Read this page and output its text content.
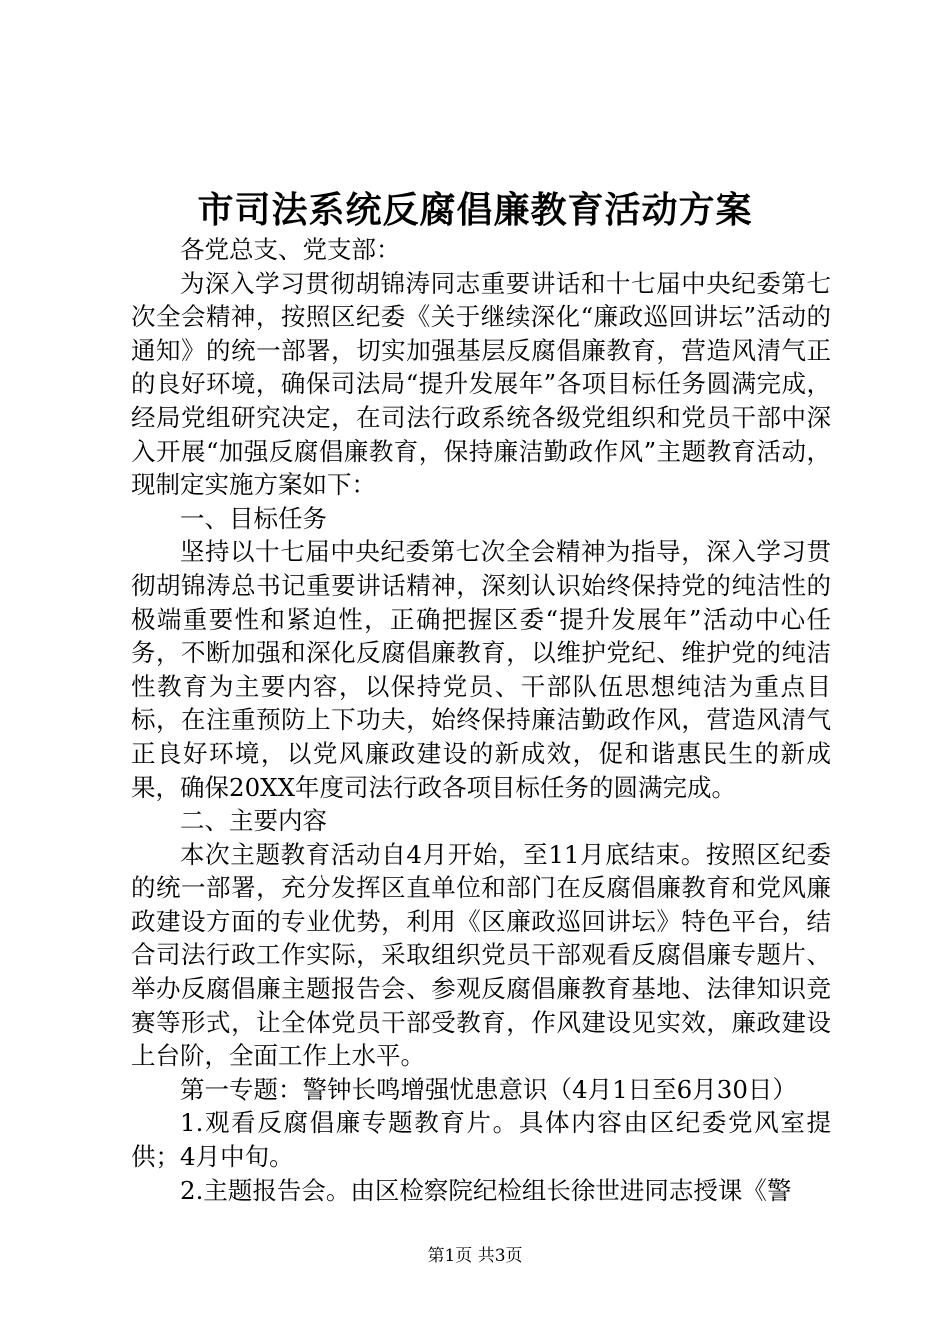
市司法系统反腐倡廉教育活动方案

各党总支、党支部：

为深入学习贯彻胡锦涛同志重要讲话和十七届中央纪委第七次全会精神，按照区纪委《关于继续深化“廉政巡回讲坛”活动的通知》的统一部署，切实加强基层反腐倡廉教育，营造风清气正的良好环境，确保司法局“提升发展年”各项目标任务圆满完成，经局党组研究决定，在司法行政系统各级党组织和党员干部中深入开展“加强反腐倡廉教育，保持廉洁勤政作风”主题教育活动，现制定实施方案如下：

一、目标任务

坚持以十七届中央纪委第七次全会精神为指导，深入学习贯彻胡锦涛总书记重要讲话精神，深刻认识始终保持党的纯洁性的极端重要性和紧迫性，正确把握区委“提升发展年”活动中心任务，不断加强和深化反腐倡廉教育，以维护党纪、维护党的纯洁性教育为主要内容，以保持党员、干部队伍思想纯洁为重点目标，在注重预防上下功夫，始终保持廉洁勤政作风，营造风清气正良好环境，以党风廉政建设的新成效，促和谐惠民生的新成果，确保20XX年度司法行政各项目标任务的圆满完成。

二、主要内容

本次主题教育活动自4月开始，至11月底结束。按照区纪委的统一部署，充分发挥区直单位和部门在反腐倡廉教育和党风廉政建设方面的专业优势，利用《区廉政巡回讲坛》特色平台，结合司法行政工作实际，采取组织党员干部观看反腐倡廉专题片、举办反腐倡廉主题报告会、参观反腐倡廉教育基地、法律知识竞赛等形式，让全体党员干部受教育，作风建设见实效，廉政建设上台阶，全面工作上水平。

第一专题：警钟长鸣增强忧患意识（4月1日至6月30日）

1.观看反腐倡廉专题教育片。具体内容由区纪委党风室提供；4月中旬。

2.主题报告会。由区检察院纪检组长徐世进同志授课《警

第1页 共3页
